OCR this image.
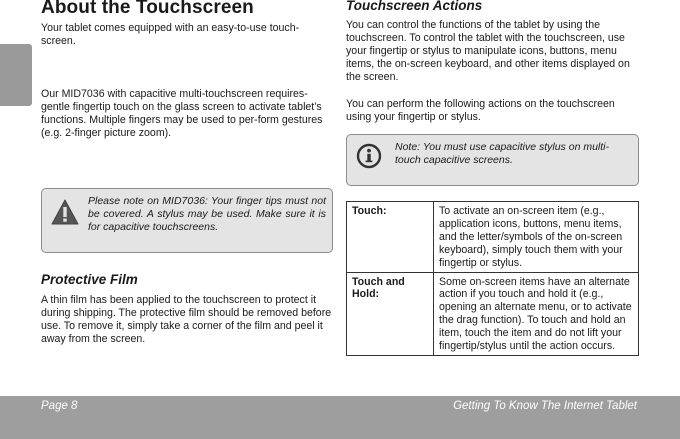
About the Touchscreen

Your tablet comes equipped with an easy-to-use touch-screen.

Our MID7036 with capacitive multi-touchscreen requires-gentle fingertip touch on the glass screen to activate tablet’s functions. Multiple fingers may be used to per-form gestures (e.g. 2-finger picture zoom).

Please note on MID7036: Your finger tips must not be covered. A stylus may be used. Make sure it is for capacitive touchscreens.

Protective Film

A thin film has been applied to the touchscreen to protect it during shipping. The protective film should be removed before use. To remove it, simply take a corner of the film and peel it away from the screen.

Touchscreen Actions

You can control the functions of the tablet by using the touchscreen. To control the tablet with the touchscreen, use your fingertip or stylus to manipulate icons, buttons, menu items, the on-screen keyboard, and other items displayed on the screen.

You can perform the following actions on the touchscreen using your fingertip or stylus.

Note: You must use capacitive stylus on multi-touch capacitive screens.

Touch:	To activate an on-screen item (e.g., application icons, buttons, menu items, and the letter/symbols of the on-screen keyboard), simply touch them with your fingertip or stylus.
Touch and Hold:	Some on-screen items have an alternate action if you touch and hold it (e.g., opening an alternate menu, or to activate the drag function). To touch and hold an item, touch the item and do not lift your fingertip/stylus until the action occurs.
Page 8	Getting To Know The Internet Tablet
